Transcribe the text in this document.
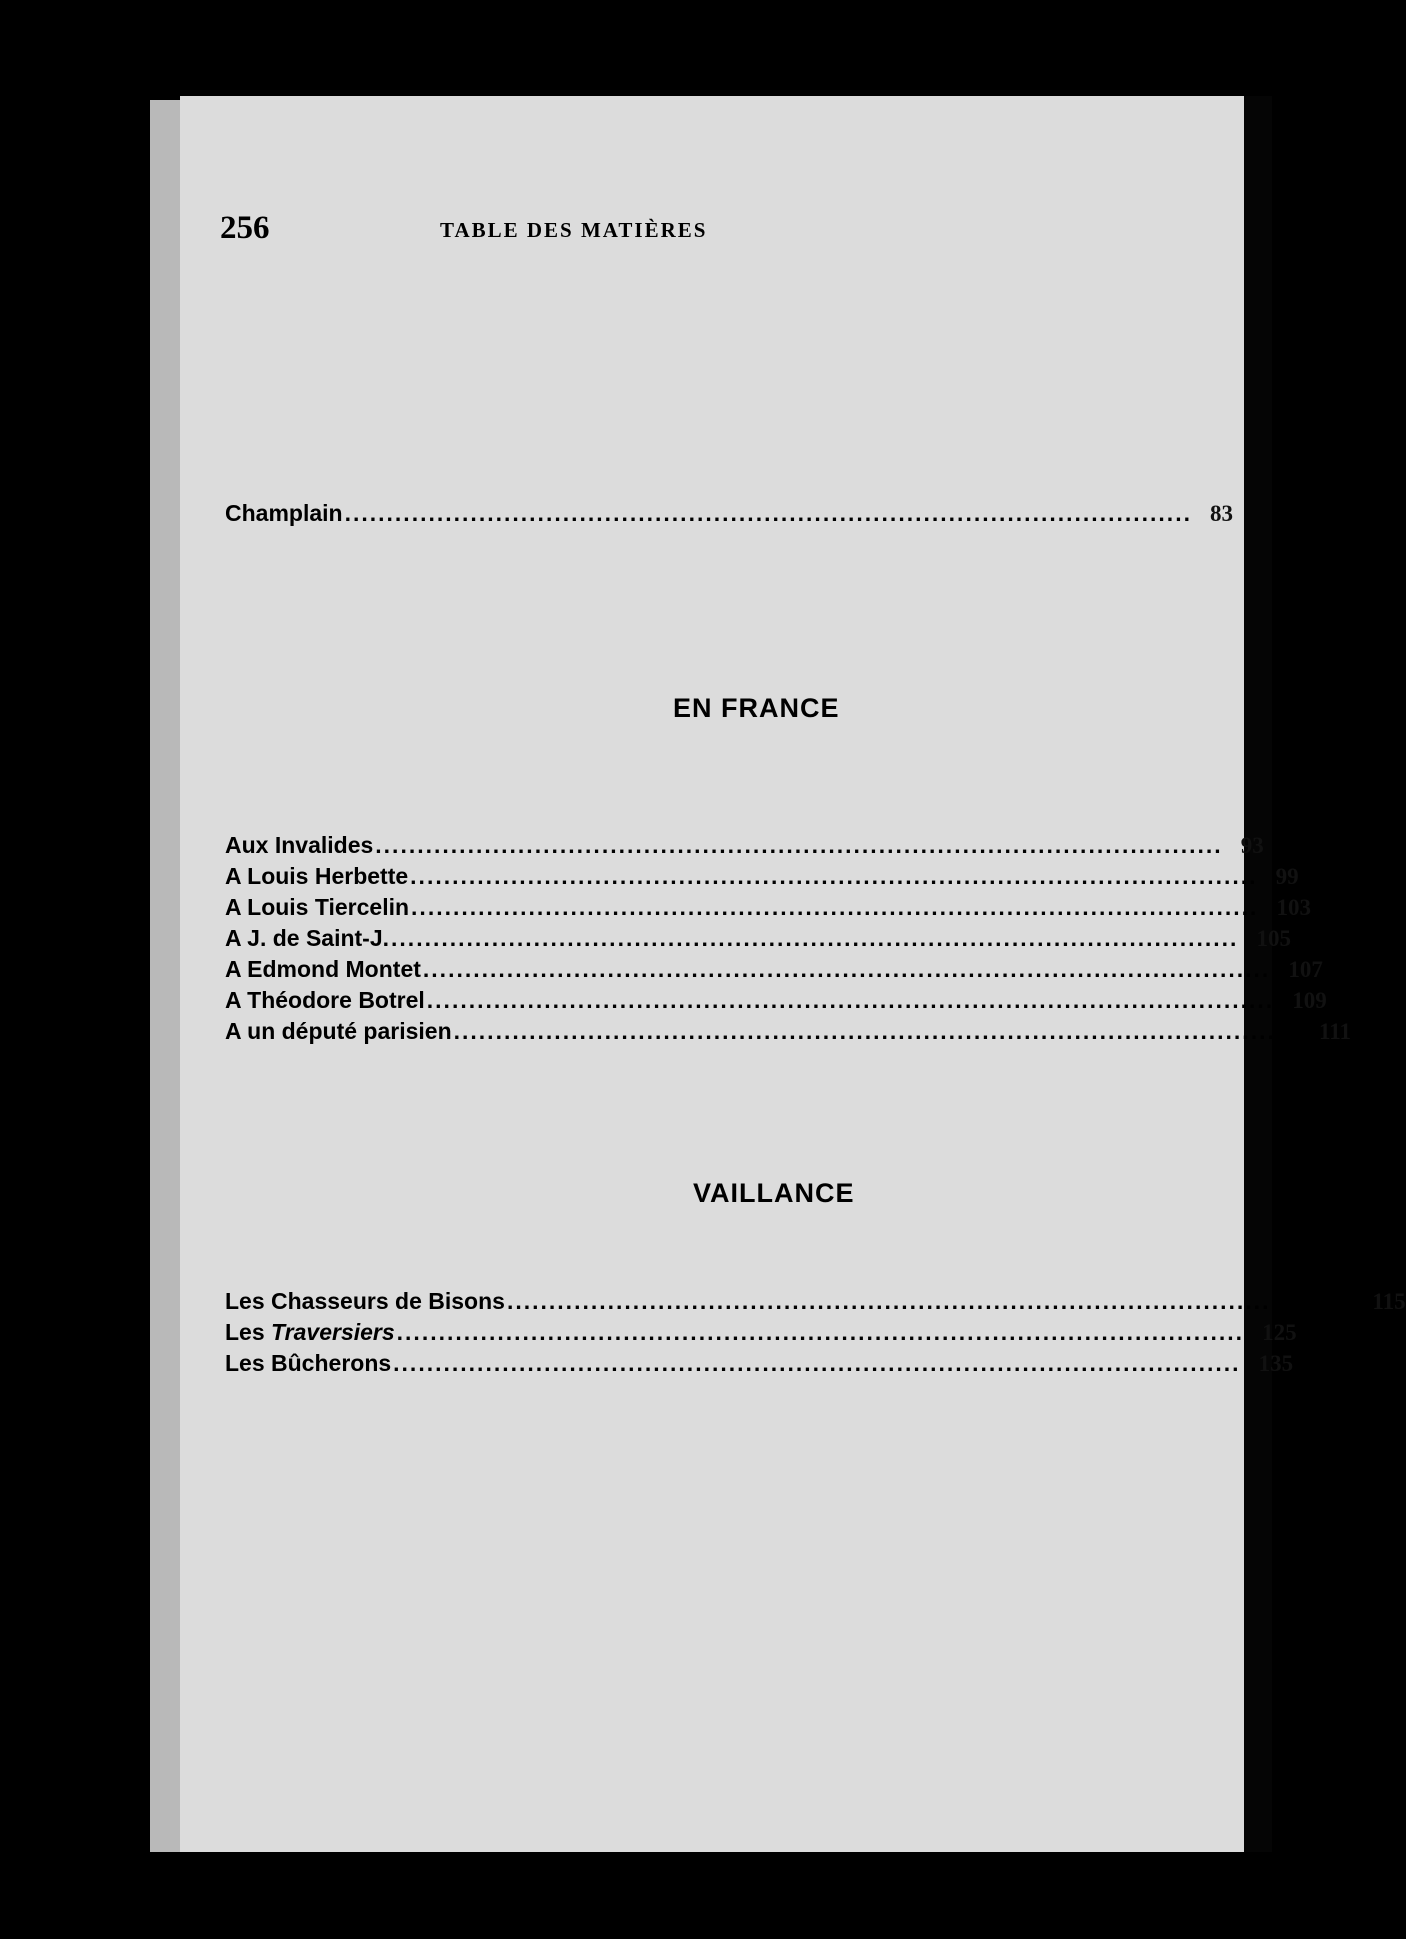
256	TABLE DES MATIÈRES
Champlain ..................................................................................................... 83
EN FRANCE
Aux Invalides ..................................................................................................... 93
A Louis Herbette ..................................................................................................... 99
A Louis Tiercelin ..................................................................................................... 103
A J. de Saint-J. ..................................................................................................... 105
A Edmond Montet ..................................................................................................... 107
A Théodore Botrel ..................................................................................................... 109
A un député parisien ..................................................................................................... 111
VAILLANCE
Les Chasseurs de Bisons ..................................................................................................... 115
Les Traversiers ..................................................................................................... 125
Les Bûcherons ..................................................................................................... 135
